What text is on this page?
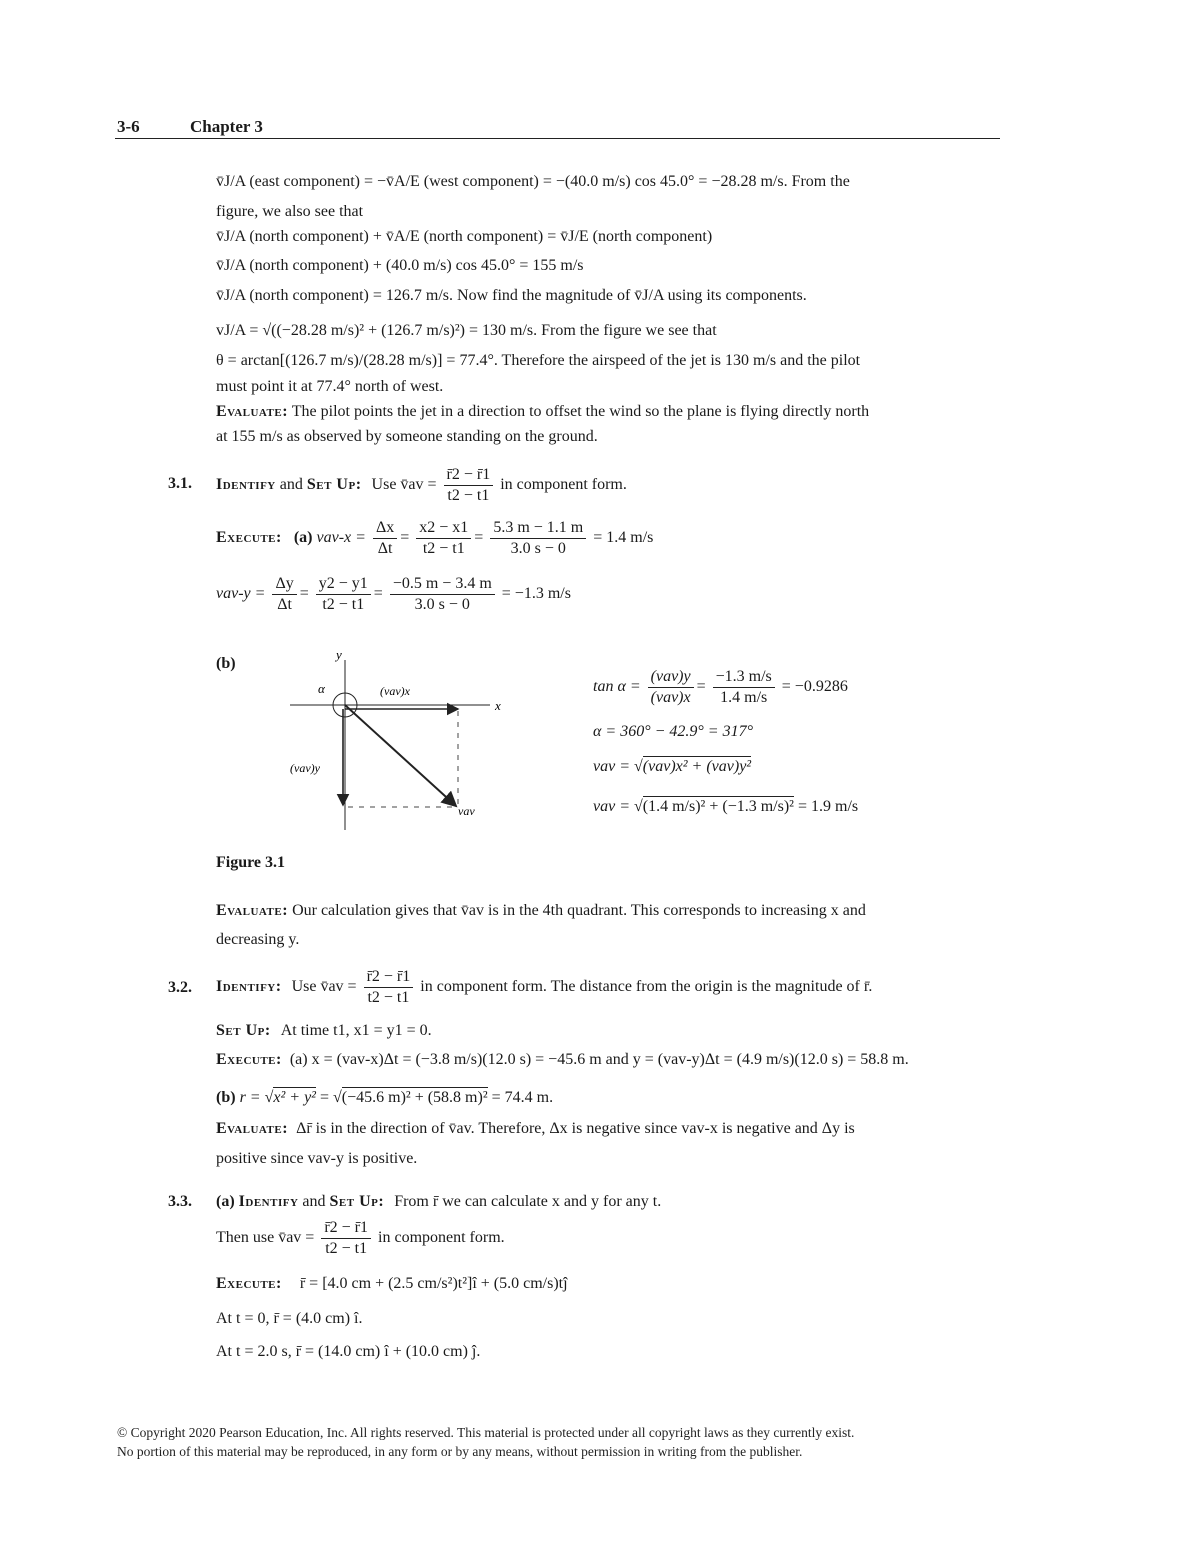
3-6	Chapter 3
v̄J/A (east component) = −v̄A/E (west component) = −(40.0 m/s) cos 45.0° = −28.28 m/s. From the
figure, we also see that
v̄J/A (north component) + v̄A/E (north component) = v̄J/E (north component)
v̄J/A (north component) + (40.0 m/s) cos 45.0° = 155 m/s
v̄J/A (north component) = 126.7 m/s. Now find the magnitude of v̄J/A using its components.
vJ/A = √((−28.28 m/s)² + (126.7 m/s)²) = 130 m/s. From the figure we see that
θ = arctan[(126.7 m/s)/(28.28 m/s)] = 77.4°. Therefore the airspeed of the jet is 130 m/s and the pilot
must point it at 77.4° north of west.
Evaluate: The pilot points the jet in a direction to offset the wind so the plane is flying directly north
at 155 m/s as observed by someone standing on the ground.
3.1. Identify and Set Up: Use v̄av = $\frac{r̄2 - r̄1}{t2 - t1}$ in component form.
Execute: (a) $vav-x = \frac{\Delta x}{\Delta t} = \frac{x2 - x1}{t2 - t1} = \frac{5.3 m - 1.1 m}{3.0 s - 0} = 1.4$ m/s
$vav-y = \frac{\Delta y}{\Delta t} = \frac{y2 - y1}{t2 - t1} = \frac{-0.5 m - 3.4 m}{3.0 s - 0} = -1.3$ m/s
(b)
y
x
α	(vav)x
(vav)y
vav
$\tan \alpha = \frac{\text{(vav)y}}{\text{(vav)x}} = \frac{-1.3 m/s}{1.4 m/s} = -0.9286$
α = 360° − 42.9° = 317°
vav = √(vav)x² + (vav)y²
vav = √(1.4 m/s)² + (−1.3 m/s)² = 1.9 m/s
Figure 3.1
Evaluate: Our calculation gives that v̄av is in the 4th quadrant. This corresponds to increasing x and
decreasing y.
3.2. Identify: Use v̄av = $\frac{r̄2 - r̄1}{t2 - t1}$ in component form. The distance from the origin is the magnitude of r̄.
Set Up: At time t1, x1 = y1 = 0.
Execute: (a) x = (vav-x)Δt = (−3.8 m/s)(12.0 s) = −45.6 m and y = (vav-y)Δt = (4.9 m/s)(12.0 s) = 58.8 m.
(b) r = √x² + y² = √(−45.6 m)² + (58.8 m)² = 74.4 m.
Evaluate: Δr̄ is in the direction of v̄av. Therefore, Δx is negative since vav-x is negative and Δy is
positive since vav-y is positive.
3.3. (a) Identify and Set Up: From r̄ we can calculate x and y for any t.
Then use v̄av = $\frac{r̄2 - r̄1}{t2 - t1}$ in component form.
Execute: r̄ = [4.0 cm + (2.5 cm/s²)t²]î + (5.0 cm/s)tĵ
At t = 0, r̄ = (4.0 cm) î.
At t = 2.0 s, r̄ = (14.0 cm) î + (10.0 cm) ĵ.
© Copyright 2020 Pearson Education, Inc. All rights reserved. This material is protected under all copyright laws as they currently exist.
No portion of this material may be reproduced, in any form or by any means, without permission in writing from the publisher.
